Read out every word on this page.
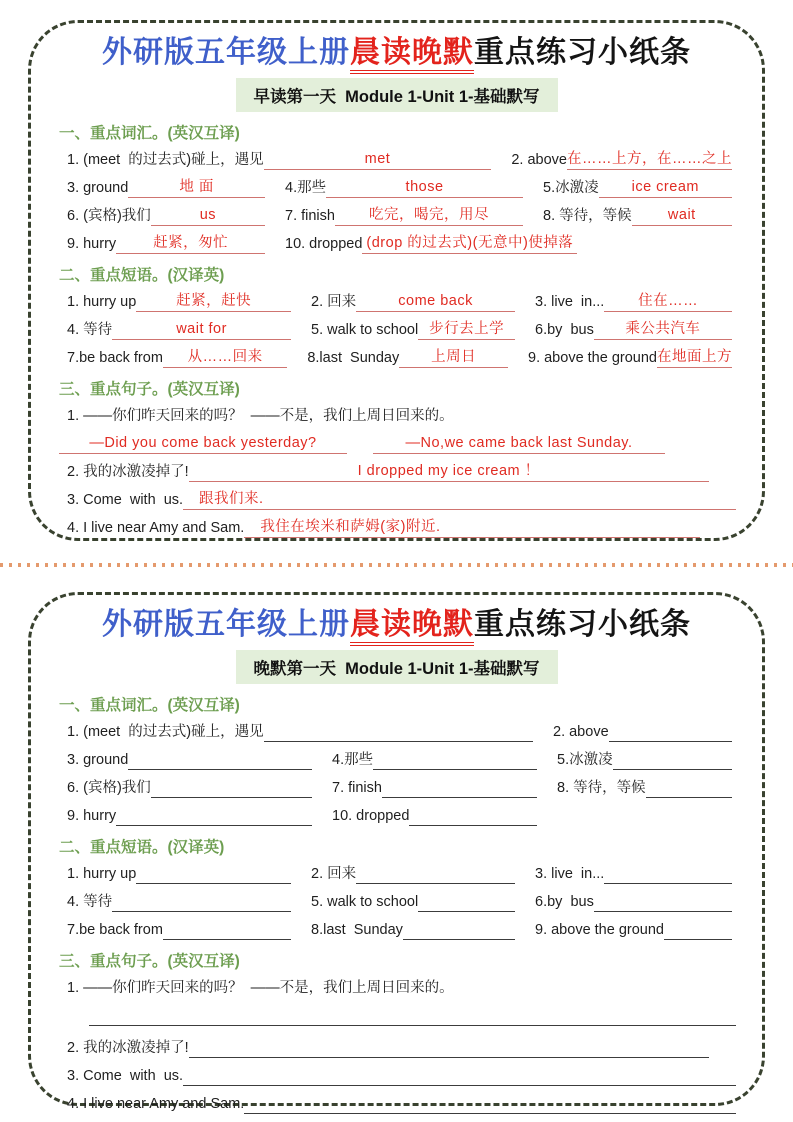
外研版五年级上册晨读晚默重点练习小纸条
早读第一天  Module 1-Unit 1-基础默写
一、重点词汇。(英汉互译)
1. (meet  的过去式)碰上，遇见	met	2. above 在……上方，在……之上
3. ground	地 面	4.那些	those	5.冰激凌	ice cream
6. (宾格)我们	us	7. finish	吃完，喝完，用尽	8. 等待，等候	wait
9. hurry	赶紧，匆忙	10. dropped (drop 的过去式)(无意中)使掉落
二、重点短语。(汉译英)
1. hurry up	赶紧，赶快	2. 回来	come back	3. live  in...	住在……
4. 等待	wait for	5. walk to school 步行去上学	6.by  bus	乘公共汽车
7.be back from	从……回来	8.last  Sunday	上周日	9. above the ground 在地面上方
三、重点句子。(英汉互译)
1. ——你们昨天回来的吗？  ——不是，我们上周日回来的。
—Did you come back yesterday?	—No,we came back last Sunday.
2. 我的冰激凌掉了!	I dropped my ice cream ！
3. Come  with  us.	跟我们来.
4. I live near Amy and Sam.	我住在埃米和萨姆(家)附近.
外研版五年级上册晨读晚默重点练习小纸条
晚默第一天  Module 1-Unit 1-基础默写
一、重点词汇。(英汉互译)
1. (meet  的过去式)碰上，遇见	2. above
3. ground	4.那些	5.冰激凌
6. (宾格)我们	7. finish	8. 等待，等候
9. hurry	10. dropped
二、重点短语。(汉译英)
1. hurry up	2. 回来	3. live  in...
4. 等待	5. walk to school	6.by  bus
7.be back from	8.last  Sunday	9. above the ground
三、重点句子。(英汉互译)
1. ——你们昨天回来的吗？  ——不是，我们上周日回来的。
2. 我的冰激凌掉了!
3. Come  with  us.
4. I live near Amy and Sam.
